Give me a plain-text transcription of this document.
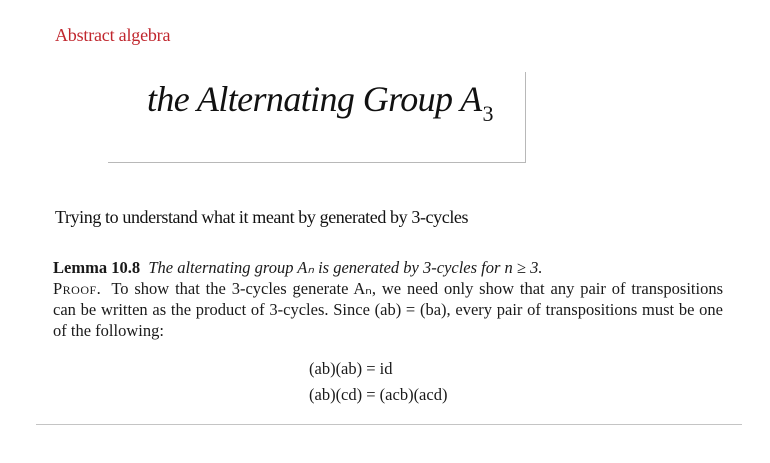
Abstract algebra
the Alternating Group $A_3$
Trying to understand what it meant by generated by 3-cycles
Lemma 10.8 The alternating group Aₙ is generated by 3-cycles for n ≥ 3.
Proof. To show that the 3-cycles generate Aₙ, we need only show that any pair of transpositions can be written as the product of 3-cycles. Since (ab) = (ba), every pair of transpositions must be one of the following:
(ab)(ab) = id
(ab)(cd) = (acb)(acd)
